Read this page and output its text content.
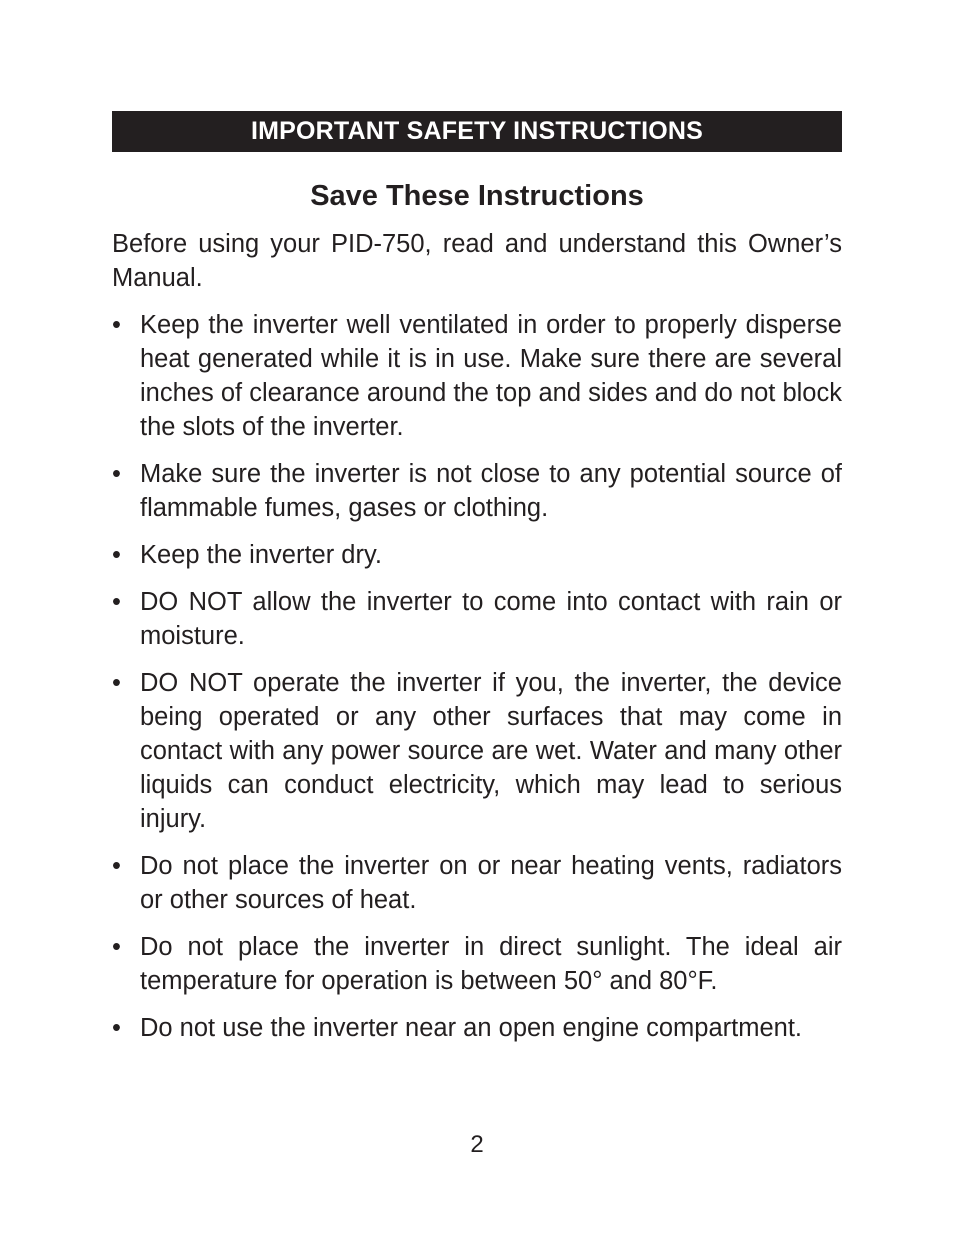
IMPORTANT SAFETY INSTRUCTIONS
Save These Instructions

Before using your PID-750, read and understand this Owner’s Manual.

• Keep the inverter well ventilated in order to properly disperse heat generated while it is in use. Make sure there are several inches of clearance around the top and sides and do not block the slots of the inverter.
• Make sure the inverter is not close to any potential source of flammable fumes, gases or clothing.
• Keep the inverter dry.
• DO NOT allow the inverter to come into contact with rain or moisture.
• DO NOT operate the inverter if you, the inverter, the device being operated or any other surfaces that may come in contact with any power source are wet. Water and many other liquids can conduct electricity, which may lead to serious injury.
• Do not place the inverter on or near heating vents, radiators or other sources of heat.
• Do not place the inverter in direct sunlight. The ideal air temperature for operation is between 50° and 80°F.
• Do not use the inverter near an open engine compartment.
2
